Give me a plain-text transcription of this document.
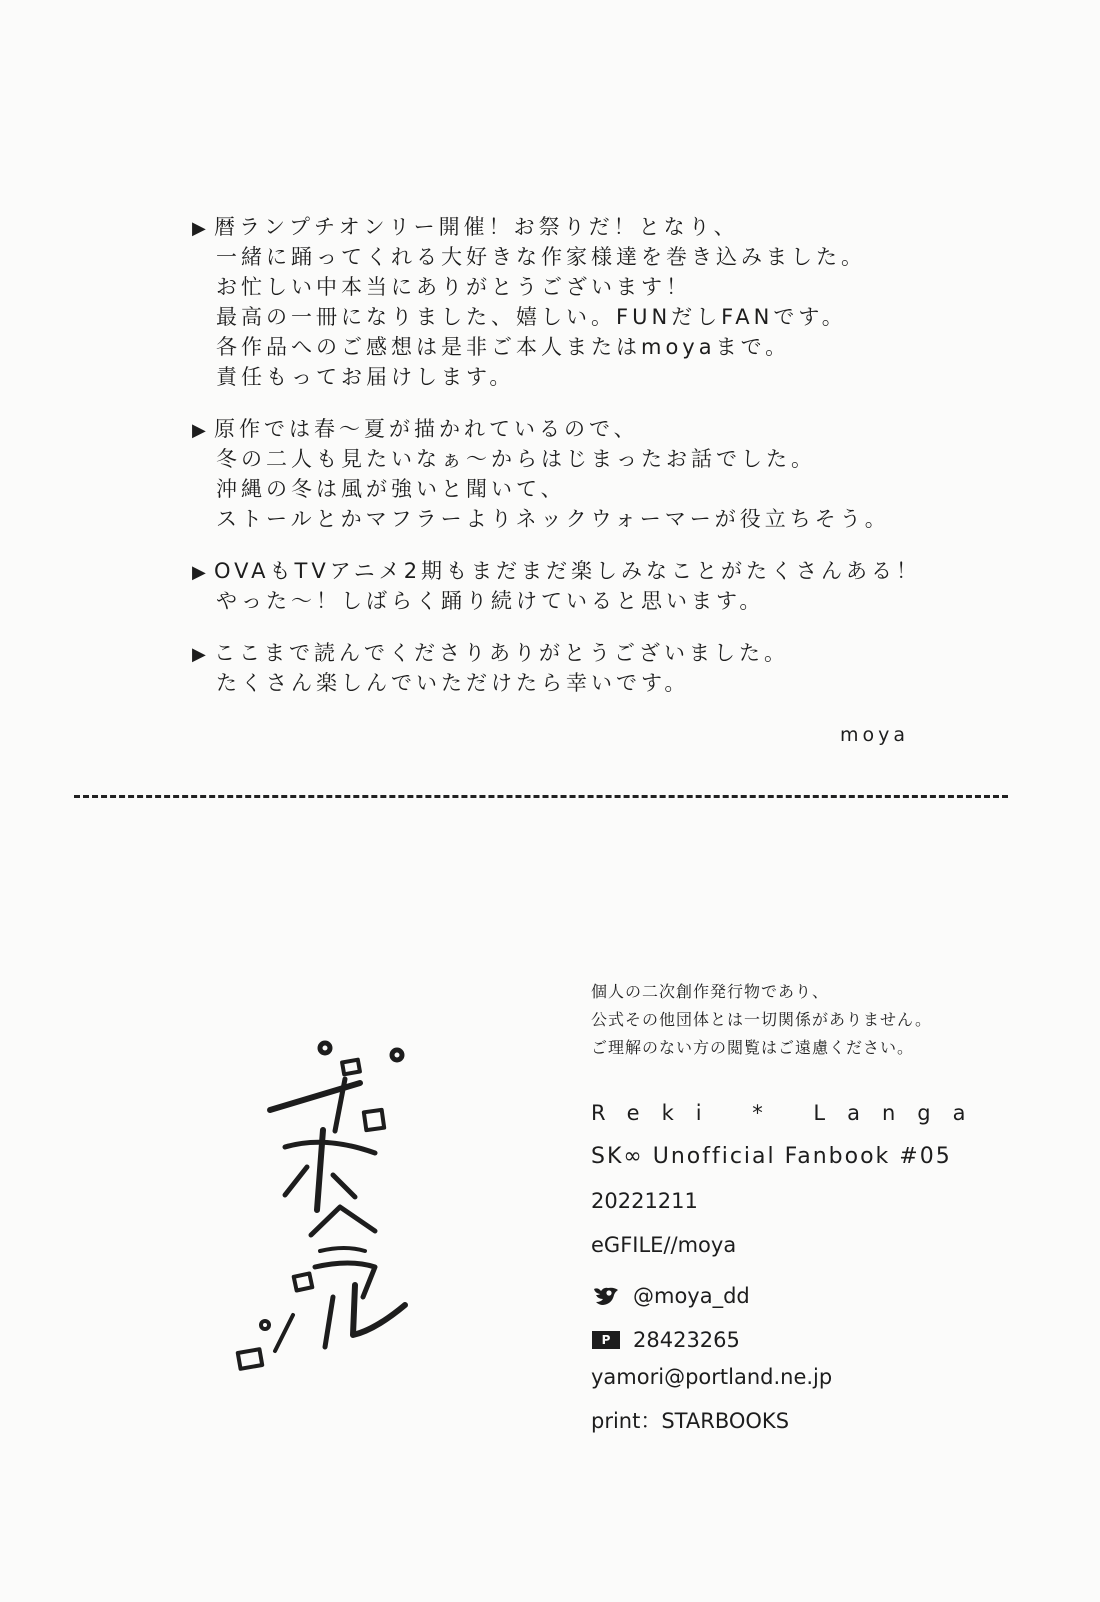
▶ 暦ランプチオンリー開催！お祭りだ！となり、
一緒に踊ってくれる大好きな作家様達を巻き込みました。
お忙しい中本当にありがとうございます！
最高の一冊になりました、嬉しい。FUNだしFANです。
各作品へのご感想は是非ご本人またはmoyaまで。
責任もってお届けします。
▶ 原作では春～夏が描かれているので、
冬の二人も見たいなぁ～からはじまったお話でした。
沖縄の冬は風が強いと聞いて、
ストールとかマフラーよりネックウォーマーが役立ちそう。
▶ OVAもTVアニメ2期もまだまだ楽しみなことがたくさんある！
やった～！しばらく踊り続けていると思います。
▶ ここまで読んでくださりありがとうございました。
たくさん楽しんでいただけたら幸いです。
moya
個人の二次創作発行物であり、
公式その他団体とは一切関係がありません。
ご理解のない方の閲覧はご遠慮ください。
Reki * Langa
SK∞ Unofficial Fanbook #05
20221211
eGFILE//moya
@moya_dd
P	28423265
yamori@portland.ne.jp
print：STARBOOKS
